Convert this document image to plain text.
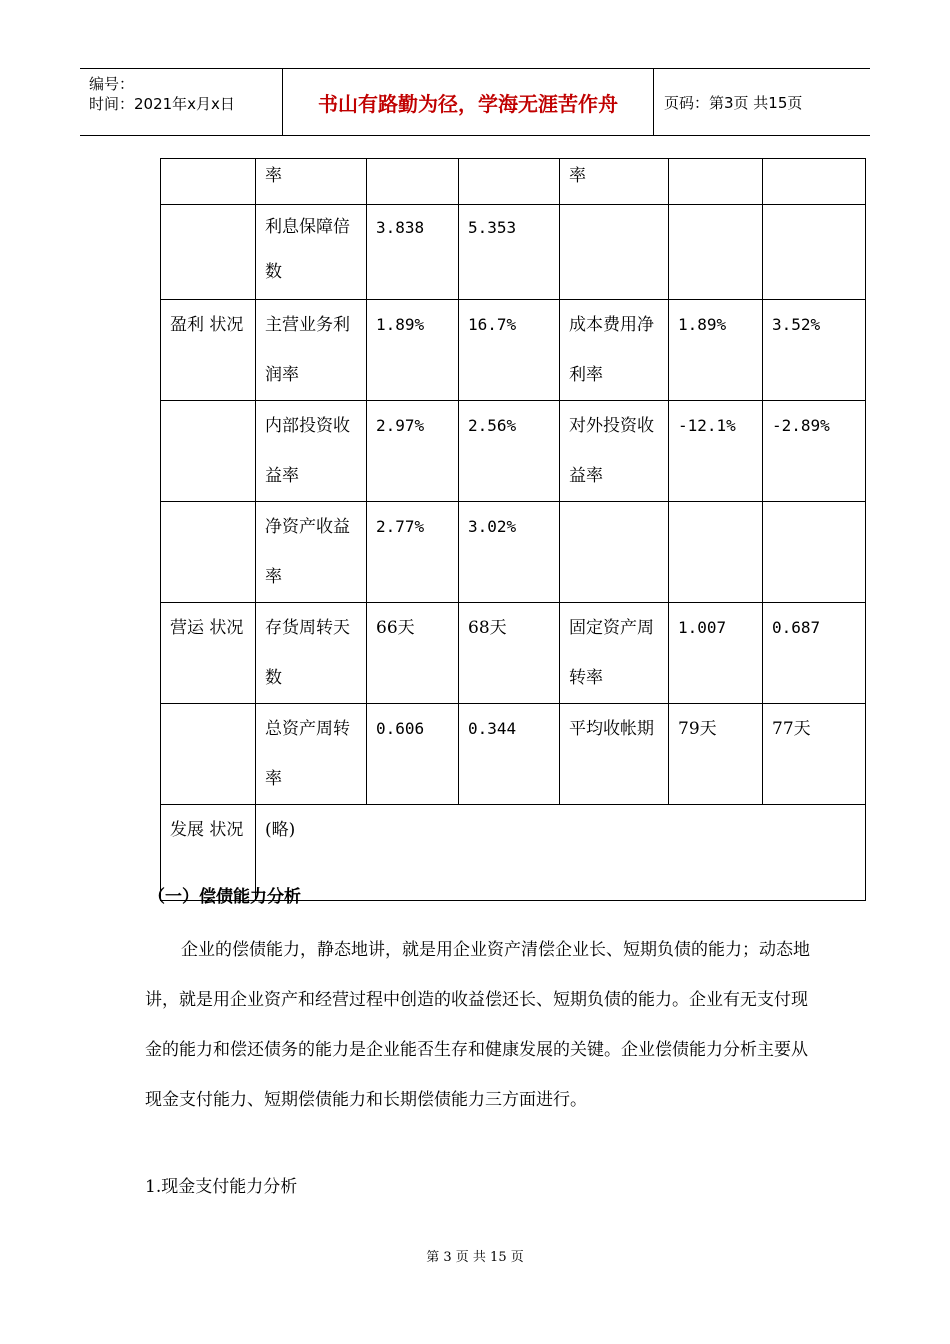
编号：
时间：2021年x月x日	书山有路勤为径，学海无涯苦作舟	页码：第3页 共15页
	率			率		
	利息保障倍数	3.838	5.353			
盈利 状况	主营业务利润率	1.89%	16.7%	成本费用净利率	1.89%	3.52%
	内部投资收益率	2.97%	2.56%	对外投资收益率	-12.1%	-2.89%
	净资产收益率	2.77%	3.02%			
营运 状况	存货周转天数	66天	68天	固定资产周转率	1.007	0.687
	总资产周转率	0.606	0.344	平均收帐期	79天	77天
发展 状况	(略)					
（一）偿债能力分析

企业的偿债能力，静态地讲，就是用企业资产清偿企业长、短期负债的能力；动态地讲，就是用企业资产和经营过程中创造的收益偿还长、短期负债的能力。企业有无支付现金的能力和偿还债务的能力是企业能否生存和健康发展的关键。企业偿债能力分析主要从现金支付能力、短期偿债能力和长期偿债能力三方面进行。

1.现金支付能力分析
第 3 页 共 15 页
